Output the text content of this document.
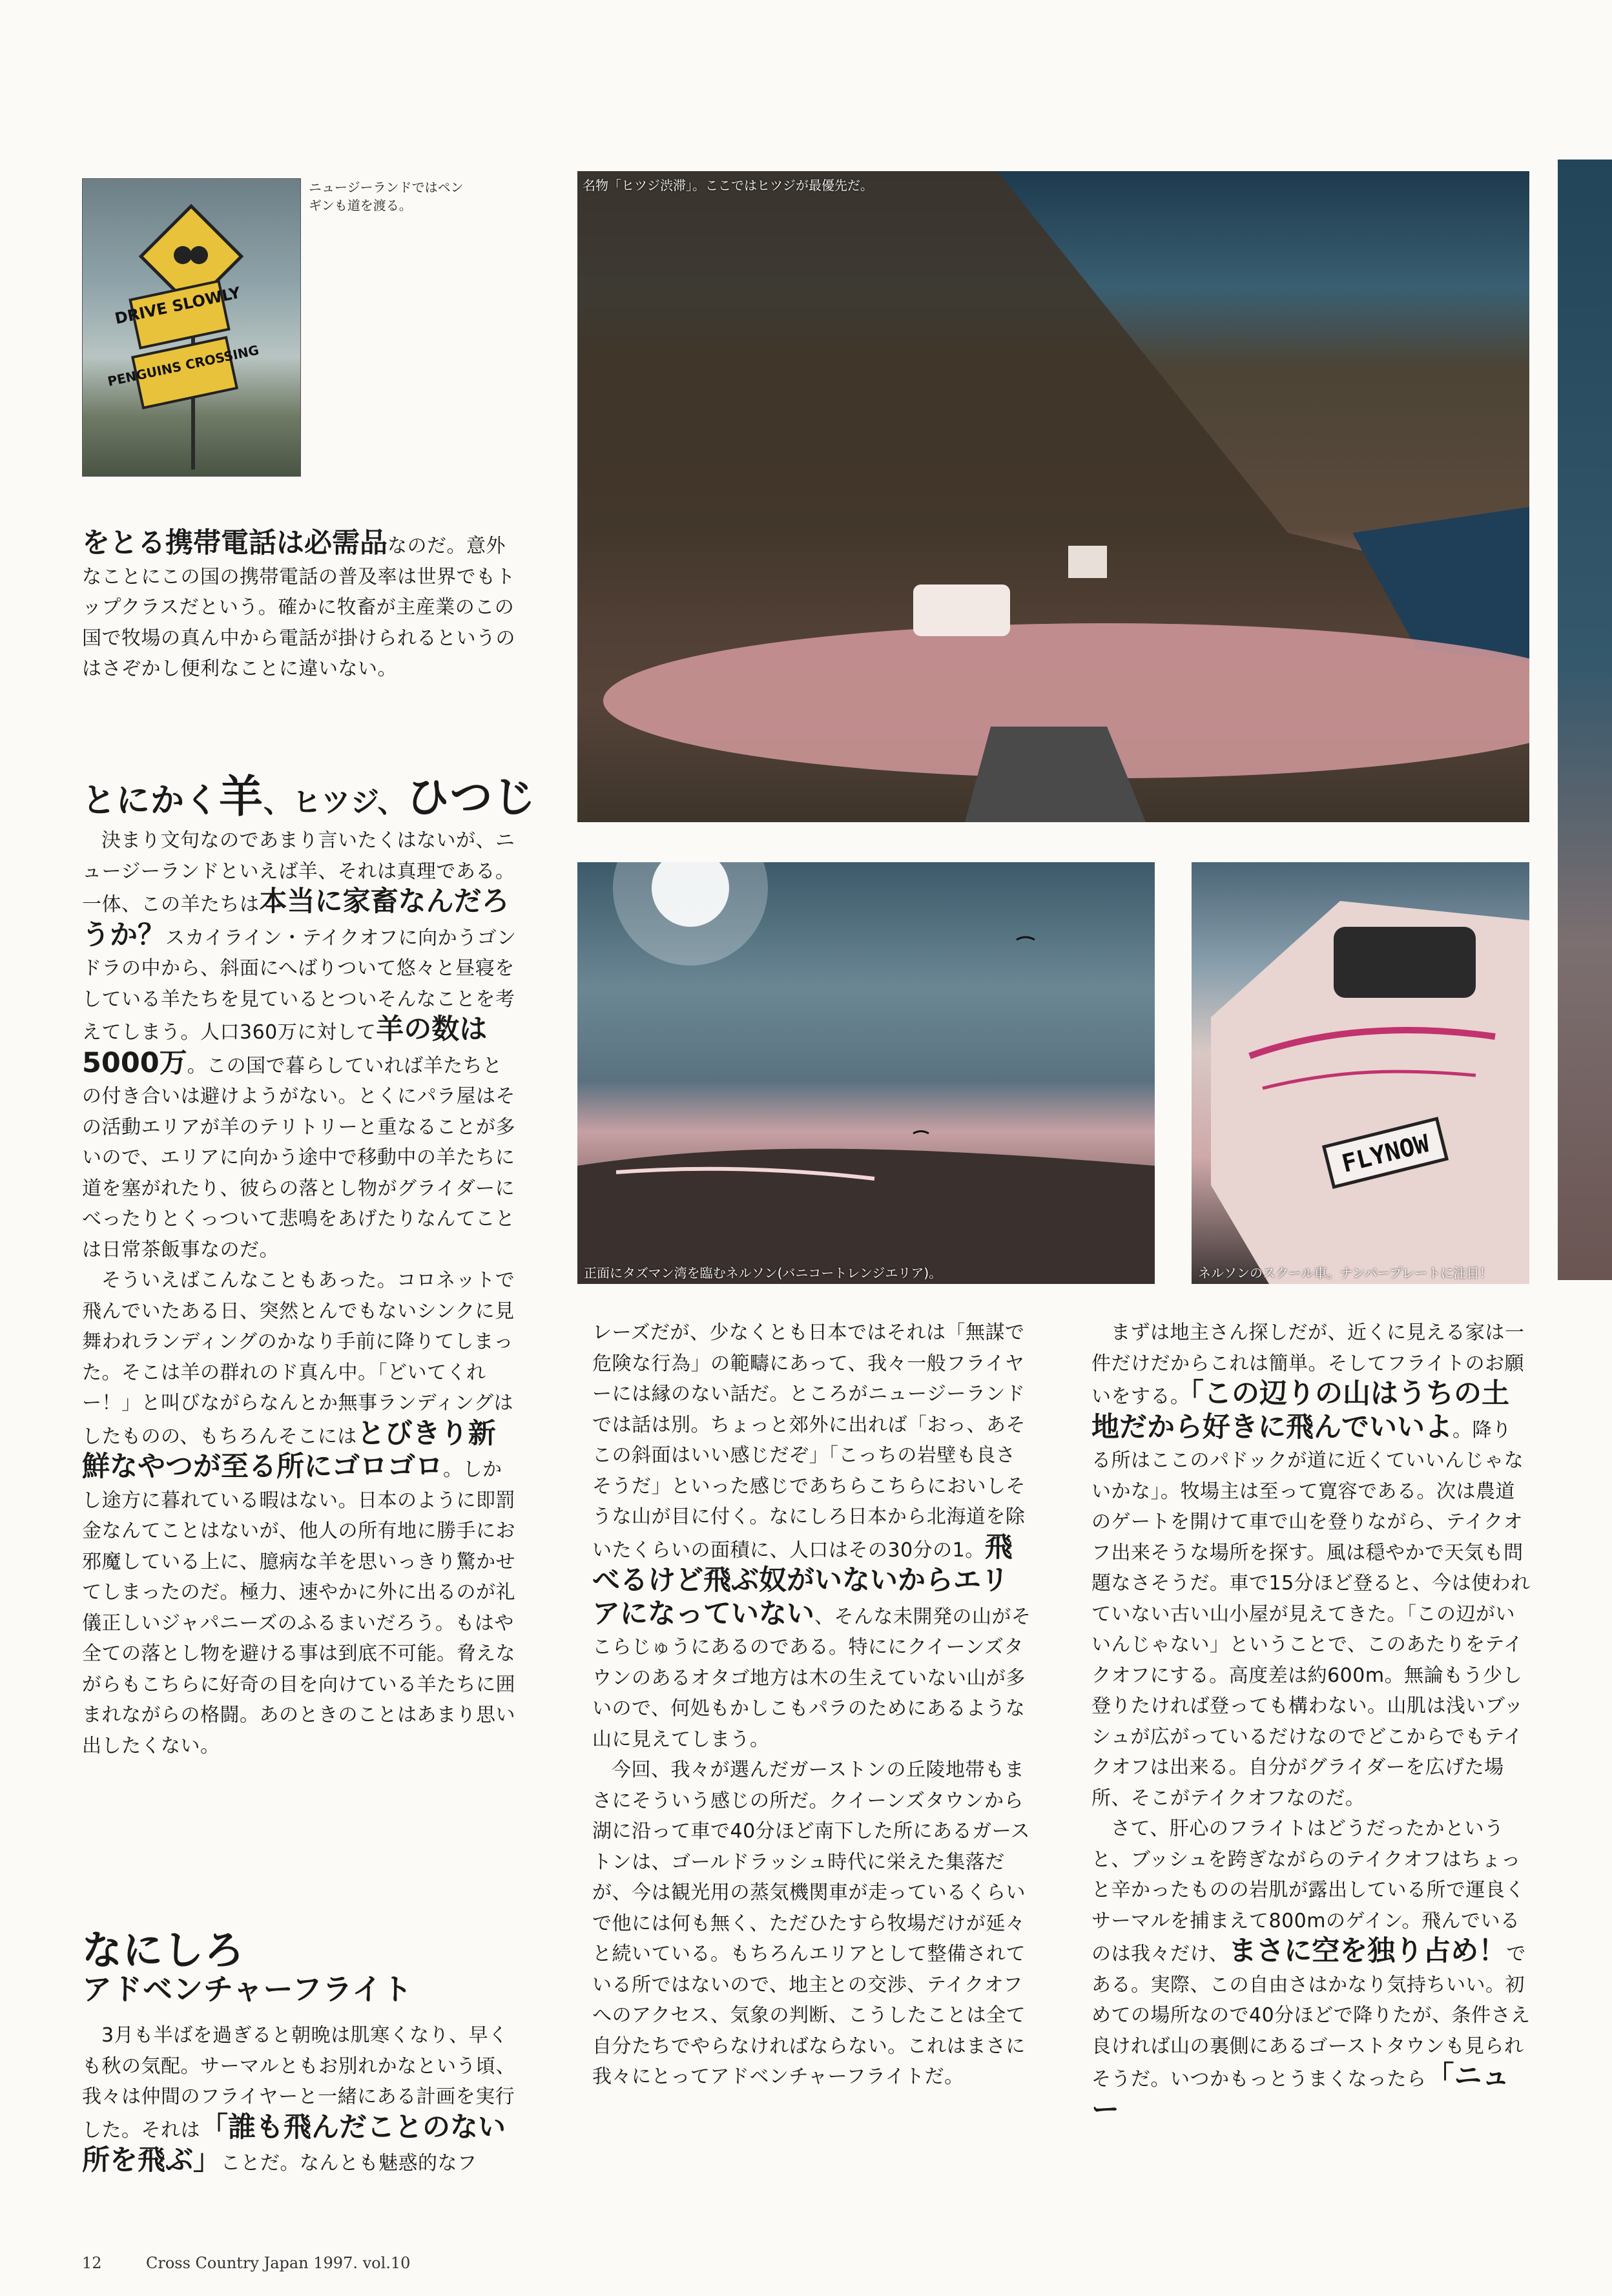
DRIVE SLOWLY
PENGUINS CROSSING
ニュージーランドではペンギンも道を渡る。
名物「ヒツジ渋滞」。ここではヒツジが最優先だ。
正面にタズマン湾を臨むネルソン(バニコートレンジエリア)。
FLYNOW
ネルソンのスクール車。ナンバープレートに注目！

をとる携帯電話は必需品なのだ。意外なことにこの国の携帯電話の普及率は世界でもトップクラスだという。確かに牧畜が主産業のこの国で牧場の真ん中から電話が掛けられるというのはさぞかし便利なことに違いない。

とにかく羊、ヒツジ、ひつじ

決まり文句なのであまり言いたくはないが、ニュージーランドといえば羊、それは真理である。一体、この羊たちは本当に家畜なんだろうか？スカイライン・テイクオフに向かうゴンドラの中から、斜面にへばりついて悠々と昼寝をしている羊たちを見ているとついそんなことを考えてしまう。人口360万に対して羊の数は5000万。この国で暮らしていれば羊たちとの付き合いは避けようがない。とくにパラ屋はその活動エリアが羊のテリトリーと重なることが多いので、エリアに向かう途中で移動中の羊たちに道を塞がれたり、彼らの落とし物がグライダーにべったりとくっついて悲鳴をあげたりなんてことは日常茶飯事なのだ。

そういえばこんなこともあった。コロネットで飛んでいたある日、突然とんでもないシンクに見舞われランディングのかなり手前に降りてしまった。そこは羊の群れのド真ん中。「どいてくれー！」と叫びながらなんとか無事ランディングはしたものの、もちろんそこにはとびきり新鮮なやつが至る所にゴロゴロ。しかし途方に暮れている暇はない。日本のように即罰金なんてことはないが、他人の所有地に勝手にお邪魔している上に、臆病な羊を思いっきり驚かせてしまったのだ。極力、速やかに外に出るのが礼儀正しいジャパニーズのふるまいだろう。もはや全ての落とし物を避ける事は到底不可能。脅えながらもこちらに好奇の目を向けている羊たちに囲まれながらの格闘。あのときのことはあまり思い出したくない。

なにしろ
アドベンチャーフライト

3月も半ばを過ぎると朝晩は肌寒くなり、早くも秋の気配。サーマルともお別れかなという頃、我々は仲間のフライヤーと一緒にある計画を実行した。それは「誰も飛んだことのない所を飛ぶ」ことだ。なんとも魅惑的なフ

レーズだが、少なくとも日本ではそれは「無謀で危険な行為」の範疇にあって、我々一般フライヤーには縁のない話だ。ところがニュージーランドでは話は別。ちょっと郊外に出れば「おっ、あそこの斜面はいい感じだぞ」「こっちの岩壁も良さそうだ」といった感じであちらこちらにおいしそうな山が目に付く。なにしろ日本から北海道を除いたくらいの面積に、人口はその30分の1。飛べるけど飛ぶ奴がいないからエリアになっていない、そんな未開発の山がそこらじゅうにあるのである。特ににクイーンズタウンのあるオタゴ地方は木の生えていない山が多いので、何処もかしこもパラのためにあるような山に見えてしまう。

今回、我々が選んだガーストンの丘陵地帯もまさにそういう感じの所だ。クイーンズタウンから湖に沿って車で40分ほど南下した所にあるガーストンは、ゴールドラッシュ時代に栄えた集落だが、今は観光用の蒸気機関車が走っているくらいで他には何も無く、ただひたすら牧場だけが延々と続いている。もちろんエリアとして整備されている所ではないので、地主との交渉、テイクオフへのアクセス、気象の判断、こうしたことは全て自分たちでやらなければならない。これはまさに我々にとってアドベンチャーフライトだ。

まずは地主さん探しだが、近くに見える家は一件だけだからこれは簡単。そしてフライトのお願いをする。「この辺りの山はうちの土地だから好きに飛んでいいよ。降りる所はここのパドックが道に近くていいんじゃないかな」。牧場主は至って寛容である。次は農道のゲートを開けて車で山を登りながら、テイクオフ出来そうな場所を探す。風は穏やかで天気も問題なさそうだ。車で15分ほど登ると、今は使われていない古い山小屋が見えてきた。「この辺がいいんじゃない」ということで、このあたりをテイクオフにする。高度差は約600m。無論もう少し登りたければ登っても構わない。山肌は浅いブッシュが広がっているだけなのでどこからでもテイクオフは出来る。自分がグライダーを広げた場所、そこがテイクオフなのだ。

さて、肝心のフライトはどうだったかというと、ブッシュを跨ぎながらのテイクオフはちょっと辛かったものの岩肌が露出している所で運良くサーマルを捕まえて800mのゲイン。飛んでいるのは我々だけ、まさに空を独り占め！である。実際、この自由さはかなり気持ちいい。初めての場所なので40分ほどで降りたが、条件さえ良ければ山の裏側にあるゴーストタウンも見られそうだ。いつかもっとうまくなったら「ニュー

12	Cross Country Japan 1997. vol.10
